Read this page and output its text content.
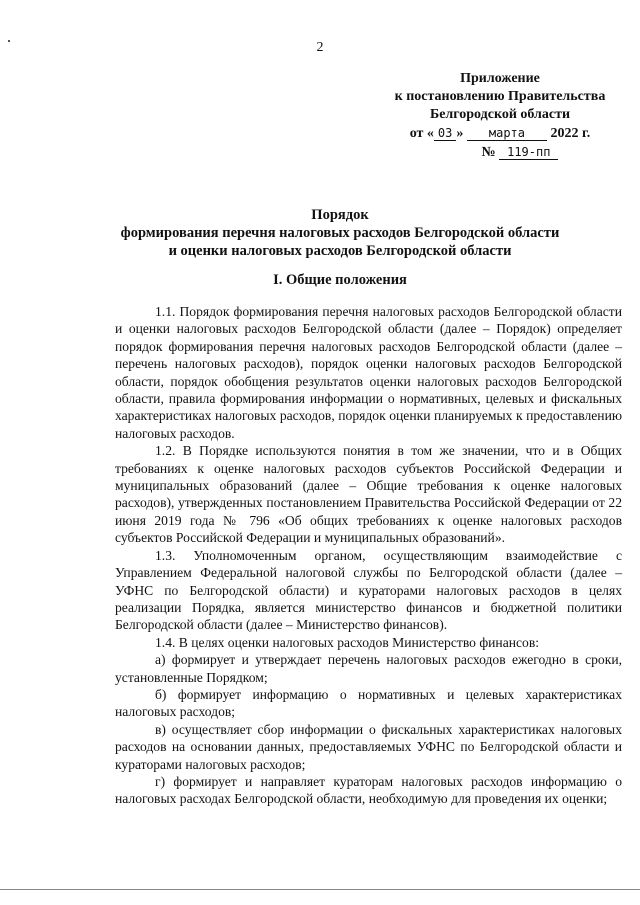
2
Приложение
к постановлению Правительства
Белгородской области
от « 03 » марта 2022 г.
№ 119-пп
Порядок
формирования перечня налоговых расходов Белгородской области
и оценки налоговых расходов Белгородской области
I. Общие положения

1.1. Порядок формирования перечня налоговых расходов Белгородской области и оценки налоговых расходов Белгородской области (далее – Порядок) определяет порядок формирования перечня налоговых расходов Белгородской области (далее – перечень налоговых расходов), порядок оценки налоговых расходов Белгородской области, порядок обобщения результатов оценки налоговых расходов Белгородской области, правила формирования информации о нормативных, целевых и фискальных характеристиках налоговых расходов, порядок оценки планируемых к предоставлению налоговых расходов.

1.2. В Порядке используются понятия в том же значении, что и в Общих требованиях к оценке налоговых расходов субъектов Российской Федерации и муниципальных образований (далее – Общие требования к оценке налоговых расходов), утвержденных постановлением Правительства Российской Федерации от 22 июня 2019 года № 796 «Об общих требованиях к оценке налоговых расходов субъектов Российской Федерации и муниципальных образований».

1.3. Уполномоченным органом, осуществляющим взаимодействие с Управлением Федеральной налоговой службы по Белгородской области (далее – УФНС по Белгородской области) и кураторами налоговых расходов в целях реализации Порядка, является министерство финансов и бюджетной политики Белгородской области (далее – Министерство финансов).

1.4. В целях оценки налоговых расходов Министерство финансов:

а) формирует и утверждает перечень налоговых расходов ежегодно в сроки, установленные Порядком;

б) формирует информацию о нормативных и целевых характеристиках налоговых расходов;

в) осуществляет сбор информации о фискальных характеристиках налоговых расходов на основании данных, предоставляемых УФНС по Белгородской области и кураторами налоговых расходов;

г) формирует и направляет кураторам налоговых расходов информацию о налоговых расходах Белгородской области, необходимую для проведения их оценки;
